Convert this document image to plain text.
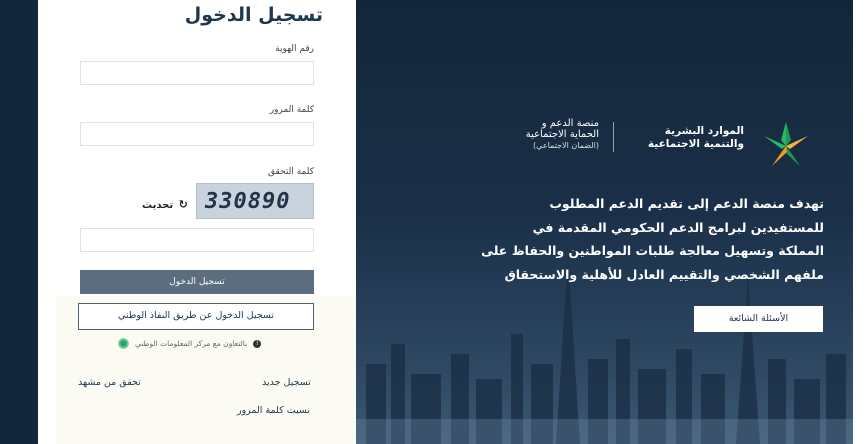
تسجيل الدخول
رقم الهوية
كلمة المرور
كلمة التحقق
330890
↻ تحديث
تسجيل الدخول
تسجيل الدخول عن طريق النفاذ الوطني
!
بالتعاون مع مركز المعلومات الوطني
تسجيل جديد
تحقق من مشهد
نسيت كلمة المرور
الموارد البشرية
والتنمية الاجتماعية
منصة الدعم و
الحماية الاجتماعية
(الضمان الاجتماعي)
تهدف منصة الدعم إلى تقديم الدعم المطلوب
للمستفيدين لبرامج الدعم الحكومي المقدمة في
المملكة وتسهيل معالجة طلبات المواطنين والحفاظ على
ملفهم الشخصي والتقييم العادل للأهلية والاستحقاق
الأسئلة الشائعة
